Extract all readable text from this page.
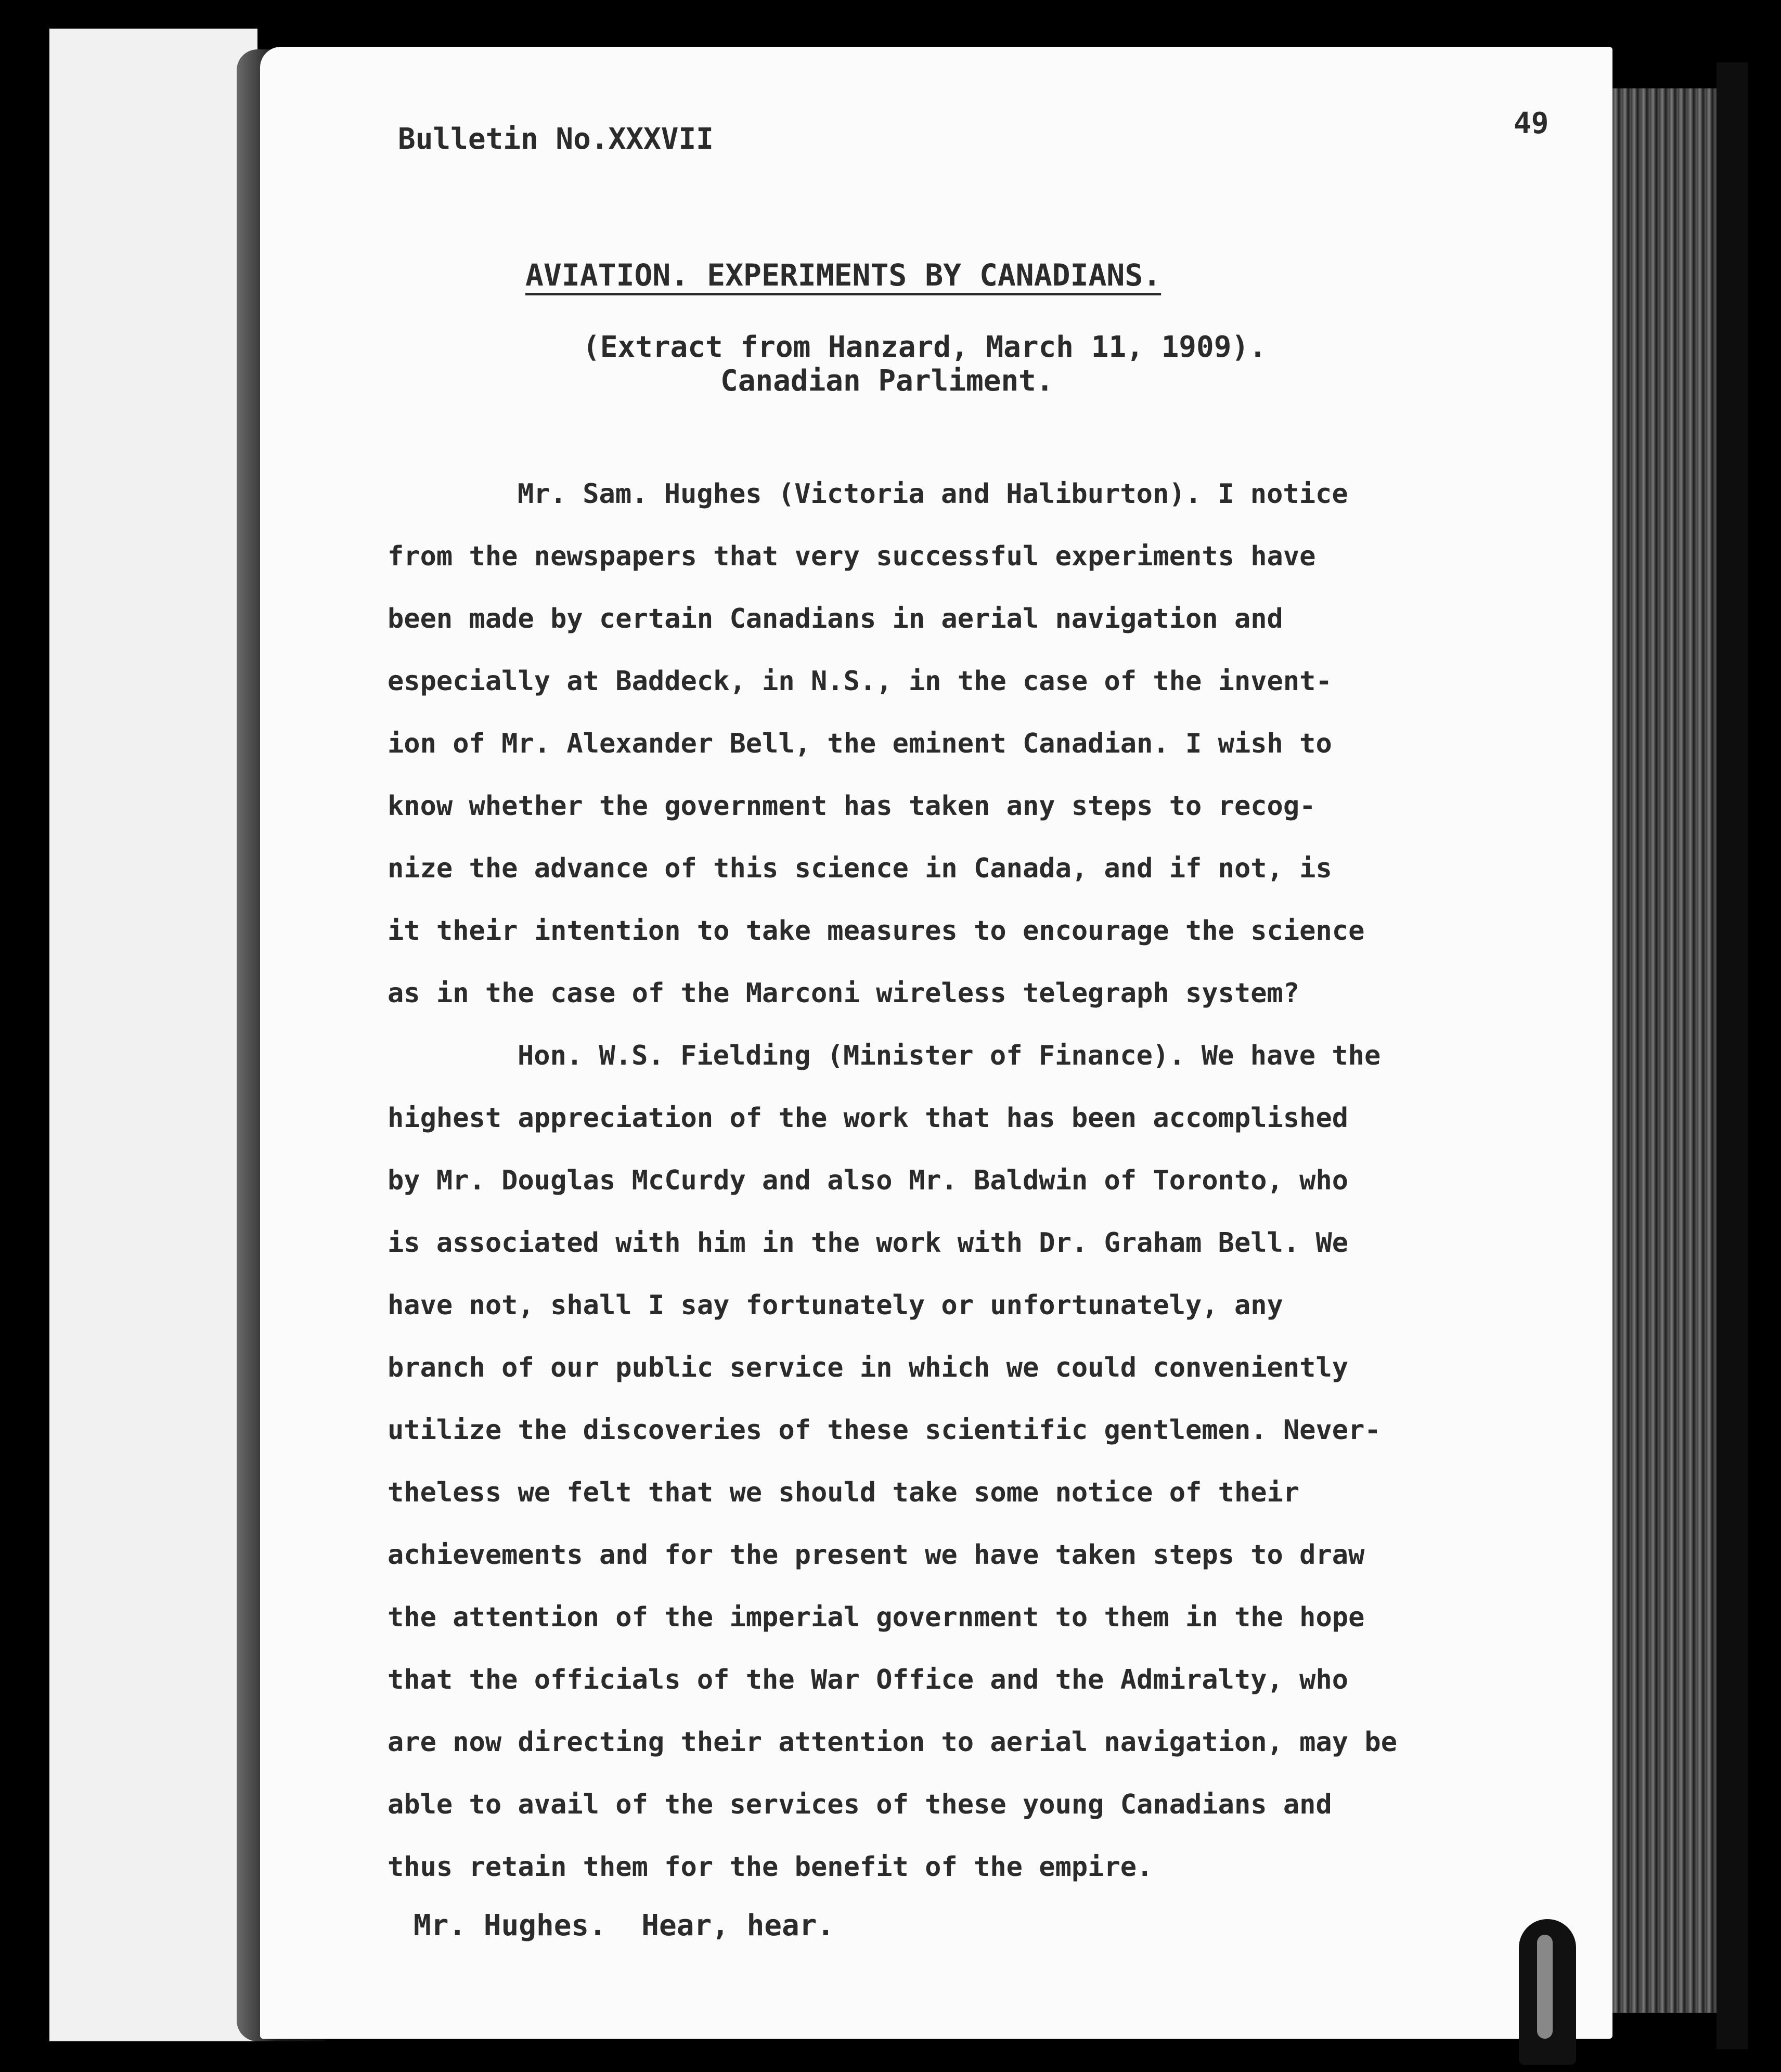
Bulletin No.XXXVII	49

AVIATION. EXPERIMENTS BY CANADIANS.

(Extract from Hanzard, March 11, 1909).

Canadian Parliment.

Mr. Sam. Hughes (Victoria and Haliburton). I notice
from the newspapers that very successful experiments have
been made by certain Canadians in aerial navigation and
especially at Baddeck, in N.S., in the case of the invent-
ion of Mr. Alexander Bell, the eminent Canadian. I wish to
know whether the government has taken any steps to recog-
nize the advance of this science in Canada, and if not, is
it their intention to take measures to encourage the science
as in the case of the Marconi wireless telegraph system?
Hon. W.S. Fielding (Minister of Finance). We have the
highest appreciation of the work that has been accomplished
by Mr. Douglas McCurdy and also Mr. Baldwin of Toronto, who
is associated with him in the work with Dr. Graham Bell. We
have not, shall I say fortunately or unfortunately, any
branch of our public service in which we could conveniently
utilize the discoveries of these scientific gentlemen. Never-
theless we felt that we should take some notice of their
achievements and for the present we have taken steps to draw
the attention of the imperial government to them in the hope
that the officials of the War Office and the Admiralty, who
are now directing their attention to aerial navigation, may be
able to avail of the services of these young Canadians and
thus retain them for the benefit of the empire.

Mr. Hughes.  Hear, hear.
